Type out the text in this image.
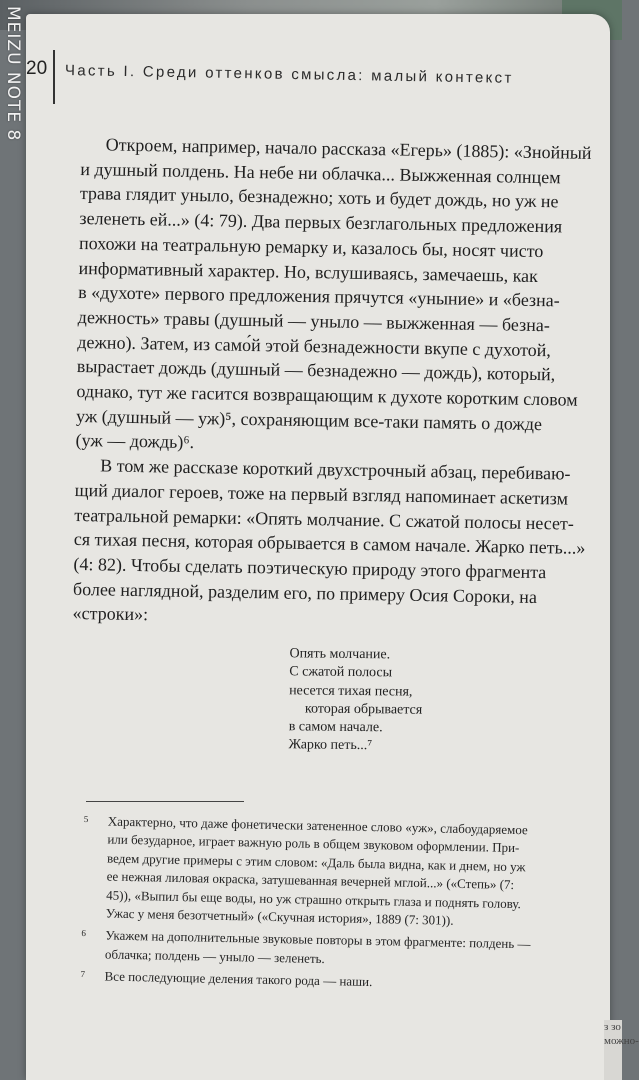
MEIZU NOTE 8 20 Часть I. Среди оттенков смысла: малый контекст

Откроем, например, начало рассказа «Егерь» (1885): «Знойный
и душный полдень. На небе ни облачка... Выжженная солнцем
трава глядит уныло, безнадежно; хоть и будет дождь, но уж не
зеленеть ей...» (4: 79). Два первых безглагольных предложения
похожи на театральную ремарку и, казалось бы, носят чисто
информативный характер. Но, вслушиваясь, замечаешь, как
в «духоте» первого предложения прячутся «уныние» и «безна-
дежность» травы (душный — уныло — выжженная — безна-
дежно). Затем, из само́й этой безнадежности вкупе с духотой,
вырастает дождь (душный — безнадежно — дождь), который,
однако, тут же гасится возвращающим к духоте коротким словом
уж (душный — уж)⁵, сохраняющим все-таки память о дожде
(уж — дождь)⁶.

В том же рассказе короткий двухстрочный абзац, перебиваю-
щий диалог героев, тоже на первый взгляд напоминает аскетизм
театральной ремарки: «Опять молчание. С сжатой полосы несет-
ся тихая песня, которая обрывается в самом начале. Жарко петь...»
(4: 82). Чтобы сделать поэтическую природу этого фрагмента
более наглядной, разделим его, по примеру Осия Сороки, на
«строки»:

Опять молчание.
С сжатой полосы
несется тихая песня,
которая обрывается
в самом начале.
Жарко петь...⁷
5 Характерно, что даже фонетически затененное слово «уж», слабоударяемое
или безударное, играет важную роль в общем звуковом оформлении. При-
ведем другие примеры с этим словом: «Даль была видна, как и днем, но уж
ее нежная лиловая окраска, затушеванная вечерней мглой...» («Степь» (7:
45)), «Выпил бы еще воды, но уж страшно открыть глаза и поднять голову.
Ужас у меня безотчетный» («Скучная история», 1889 (7: 301)).
6 Укажем на дополнительные звуковые повторы в этом фрагменте: полдень —
облачка; полдень — уныло — зеленеть.
7 Все последующие деления такого рода — наши.
з зо
можно-
